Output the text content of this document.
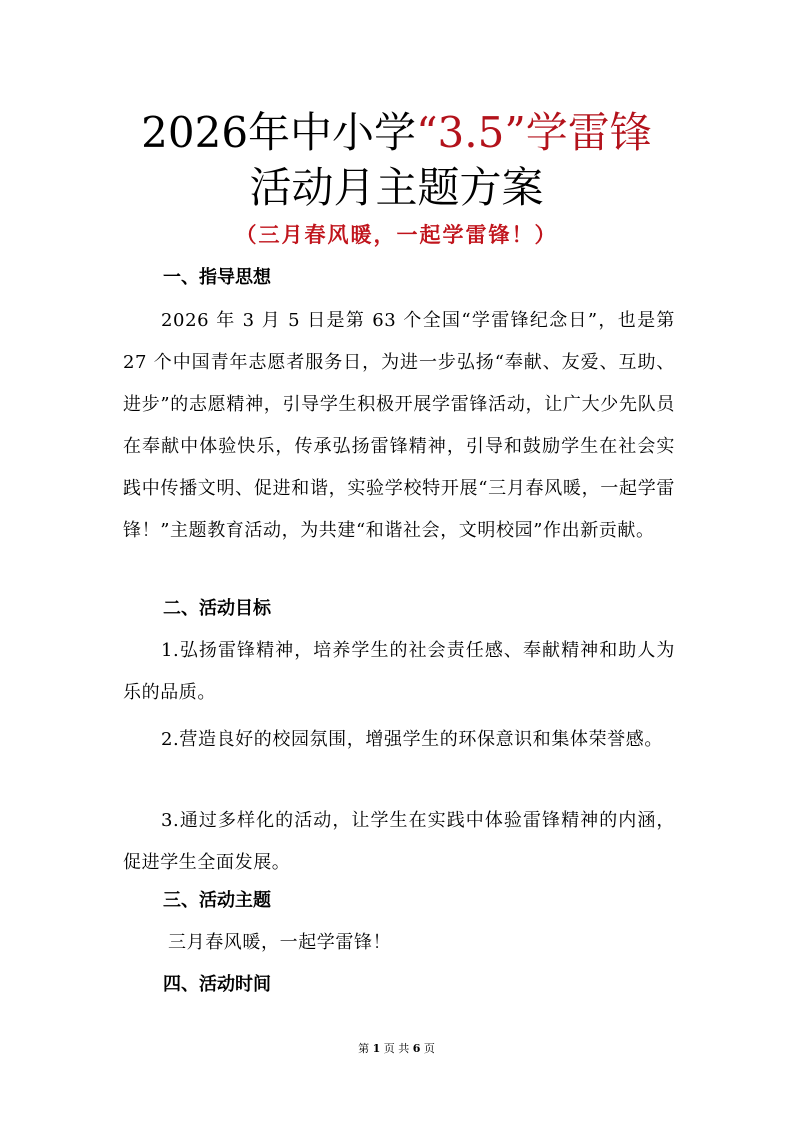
2026年中小学“3.5”学雷锋
活动月主题方案
（三月春风暖，一起学雷锋！）
一、指导思想
2026 年 3 月 5 日是第 63 个全国“学雷锋纪念日”，也是第 27 个中国青年志愿者服务日，为进一步弘扬“奉献、友爱、互助、进步”的志愿精神，引导学生积极开展学雷锋活动，让广大少先队员在奉献中体验快乐，传承弘扬雷锋精神，引导和鼓励学生在社会实践中传播文明、促进和谐，实验学校特开展“三月春风暖，一起学雷锋！”主题教育活动，为共建“和谐社会，文明校园”作出新贡献。
二、活动目标
1.弘扬雷锋精神，培养学生的社会责任感、奉献精神和助人为乐的品质。
2.营造良好的校园氛围，增强学生的环保意识和集体荣誉感。
3.通过多样化的活动，让学生在实践中体验雷锋精神的内涵，促进学生全面发展。
三、活动主题
三月春风暖，一起学雷锋！
四、活动时间
第 1 页 共 6 页
